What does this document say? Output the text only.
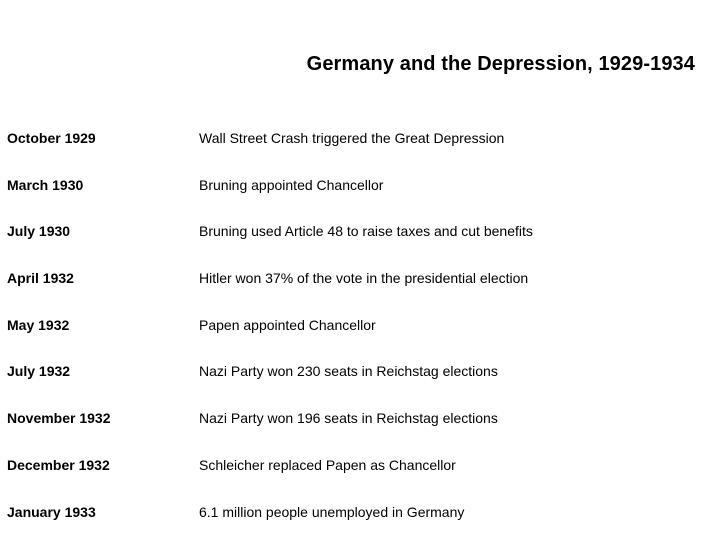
Germany and the Depression, 1929-1934
October 1929	Wall Street Crash triggered the Great Depression
March 1930	Bruning appointed Chancellor
July 1930	Bruning used Article 48 to raise taxes and cut benefits
April 1932	Hitler won 37% of the vote in the presidential election
May 1932	Papen appointed Chancellor
July 1932	Nazi Party won 230 seats in Reichstag elections
November 1932	Nazi Party won 196 seats in Reichstag elections
December 1932	Schleicher replaced Papen as Chancellor
January 1933	6.1 million people unemployed in Germany
